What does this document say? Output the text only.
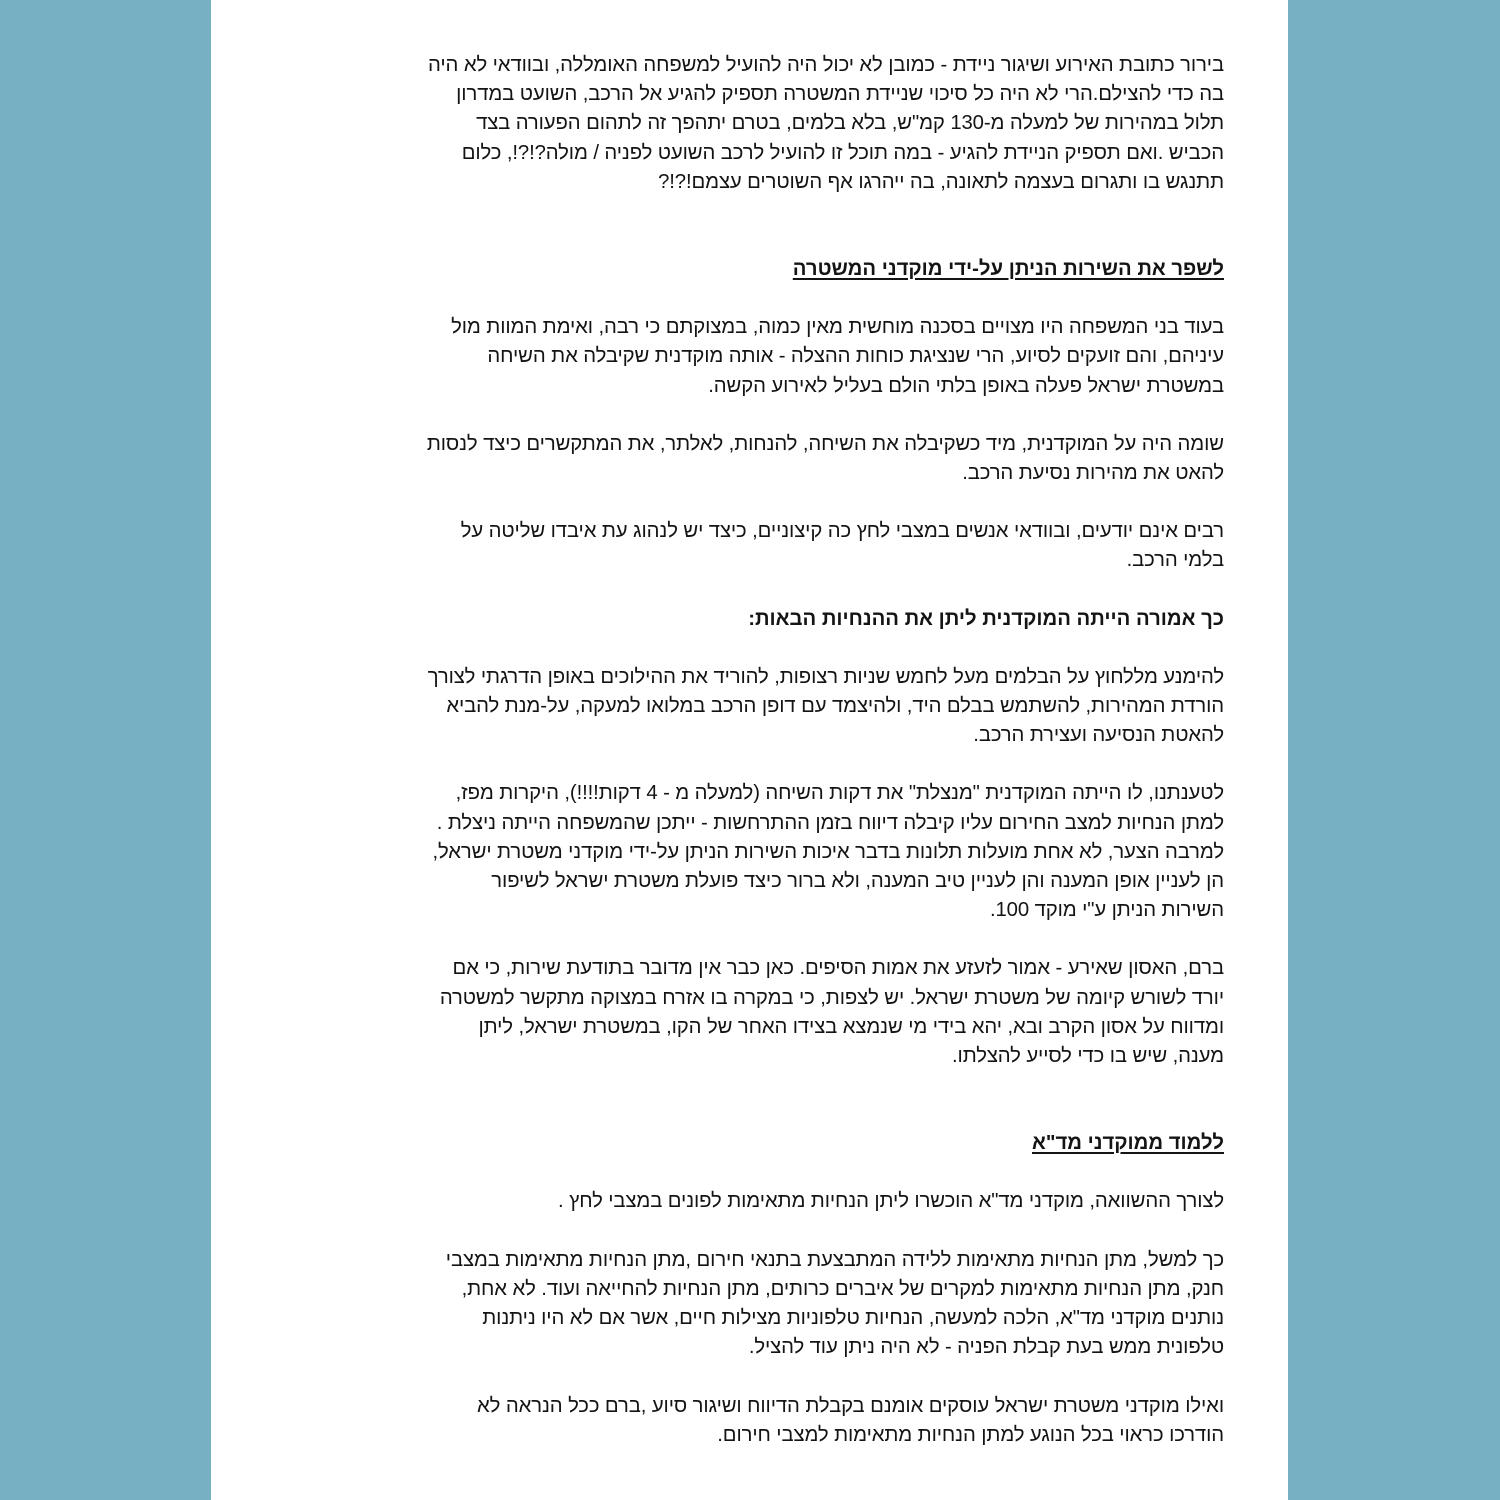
בירור כתובת האירוע ושיגור ניידת - כמובן לא יכול היה להועיל למשפחה האומללה, ובוודאי לא היה
בה כדי להצילם.הרי לא היה כל סיכוי שניידת המשטרה תספיק להגיע אל הרכב, השועט במדרון
תלול במהירות של למעלה מ-130 קמ"ש, בלא בלמים, בטרם יתהפך זה לתהום הפעורה בצד
הכביש .ואם תספיק הניידת להגיע - במה תוכל זו להועיל לרכב השועט לפניה / מולה?!?!, כלום
תתנגש בו ותגרום בעצמה לתאונה, בה ייהרגו אף השוטרים עצמם!?!?

לשפר את השירות הניתן על-ידי מוקדני המשטרה

בעוד בני המשפחה היו מצויים בסכנה מוחשית מאין כמוה, במצוקתם כי רבה, ואימת המוות מול
עיניהם, והם זועקים לסיוע, הרי שנציגת כוחות ההצלה - אותה מוקדנית שקיבלה את השיחה
במשטרת ישראל פעלה באופן בלתי הולם בעליל לאירוע הקשה.

שומה היה על המוקדנית, מיד כשקיבלה את השיחה, להנחות, לאלתר, את המתקשרים כיצד לנסות
להאט את מהירות נסיעת הרכב.

רבים אינם יודעים, ובוודאי אנשים במצבי לחץ כה קיצוניים, כיצד יש לנהוג עת איבדו שליטה על
בלמי הרכב.

כך אמורה הייתה המוקדנית ליתן את ההנחיות הבאות:

להימנע מללחוץ על הבלמים מעל לחמש שניות רצופות, להוריד את ההילוכים באופן הדרגתי לצורך
הורדת המהירות, להשתמש בבלם היד, ולהיצמד עם דופן הרכב במלואו למעקה, על-מנת להביא
להאטת הנסיעה ועצירת הרכב.

לטענתנו, לו הייתה המוקדנית "מנצלת" את דקות השיחה (למעלה מ - 4 דקות!!!!), היקרות מפז,
למתן הנחיות למצב החירום עליו קיבלה דיווח בזמן ההתרחשות - ייתכן שהמשפחה הייתה ניצלת .
למרבה הצער, לא אחת מועלות תלונות בדבר איכות השירות הניתן על-ידי מוקדני משטרת ישראל,
הן לעניין אופן המענה והן לעניין טיב המענה, ולא ברור כיצד פועלת משטרת ישראל לשיפור
השירות הניתן ע"י מוקד 100.

ברם, האסון שאירע - אמור לזעזע את אמות הסיפים. כאן כבר אין מדובר בתודעת שירות, כי אם
יורד לשורש קיומה של משטרת ישראל. יש לצפות, כי במקרה בו אזרח במצוקה מתקשר למשטרה
ומדווח על אסון הקרב ובא, יהא בידי מי שנמצא בצידו האחר של הקו, במשטרת ישראל, ליתן
מענה, שיש בו כדי לסייע להצלתו.

ללמוד ממוקדני מד"א

לצורך ההשוואה, מוקדני מד"א הוכשרו ליתן הנחיות מתאימות לפונים במצבי לחץ .

כך למשל, מתן הנחיות מתאימות ללידה המתבצעת בתנאי חירום ,מתן הנחיות מתאימות במצבי
חנק, מתן הנחיות מתאימות למקרים של איברים כרותים, מתן הנחיות להחייאה ועוד. לא אחת,
נותנים מוקדני מד"א, הלכה למעשה, הנחיות טלפוניות מצילות חיים, אשר אם לא היו ניתנות
טלפונית ממש בעת קבלת הפניה - לא היה ניתן עוד להציל.

ואילו מוקדני משטרת ישראל עוסקים אומנם בקבלת הדיווח ושיגור סיוע ,ברם ככל הנראה לא
הודרכו כראוי בכל הנוגע למתן הנחיות מתאימות למצבי חירום.
